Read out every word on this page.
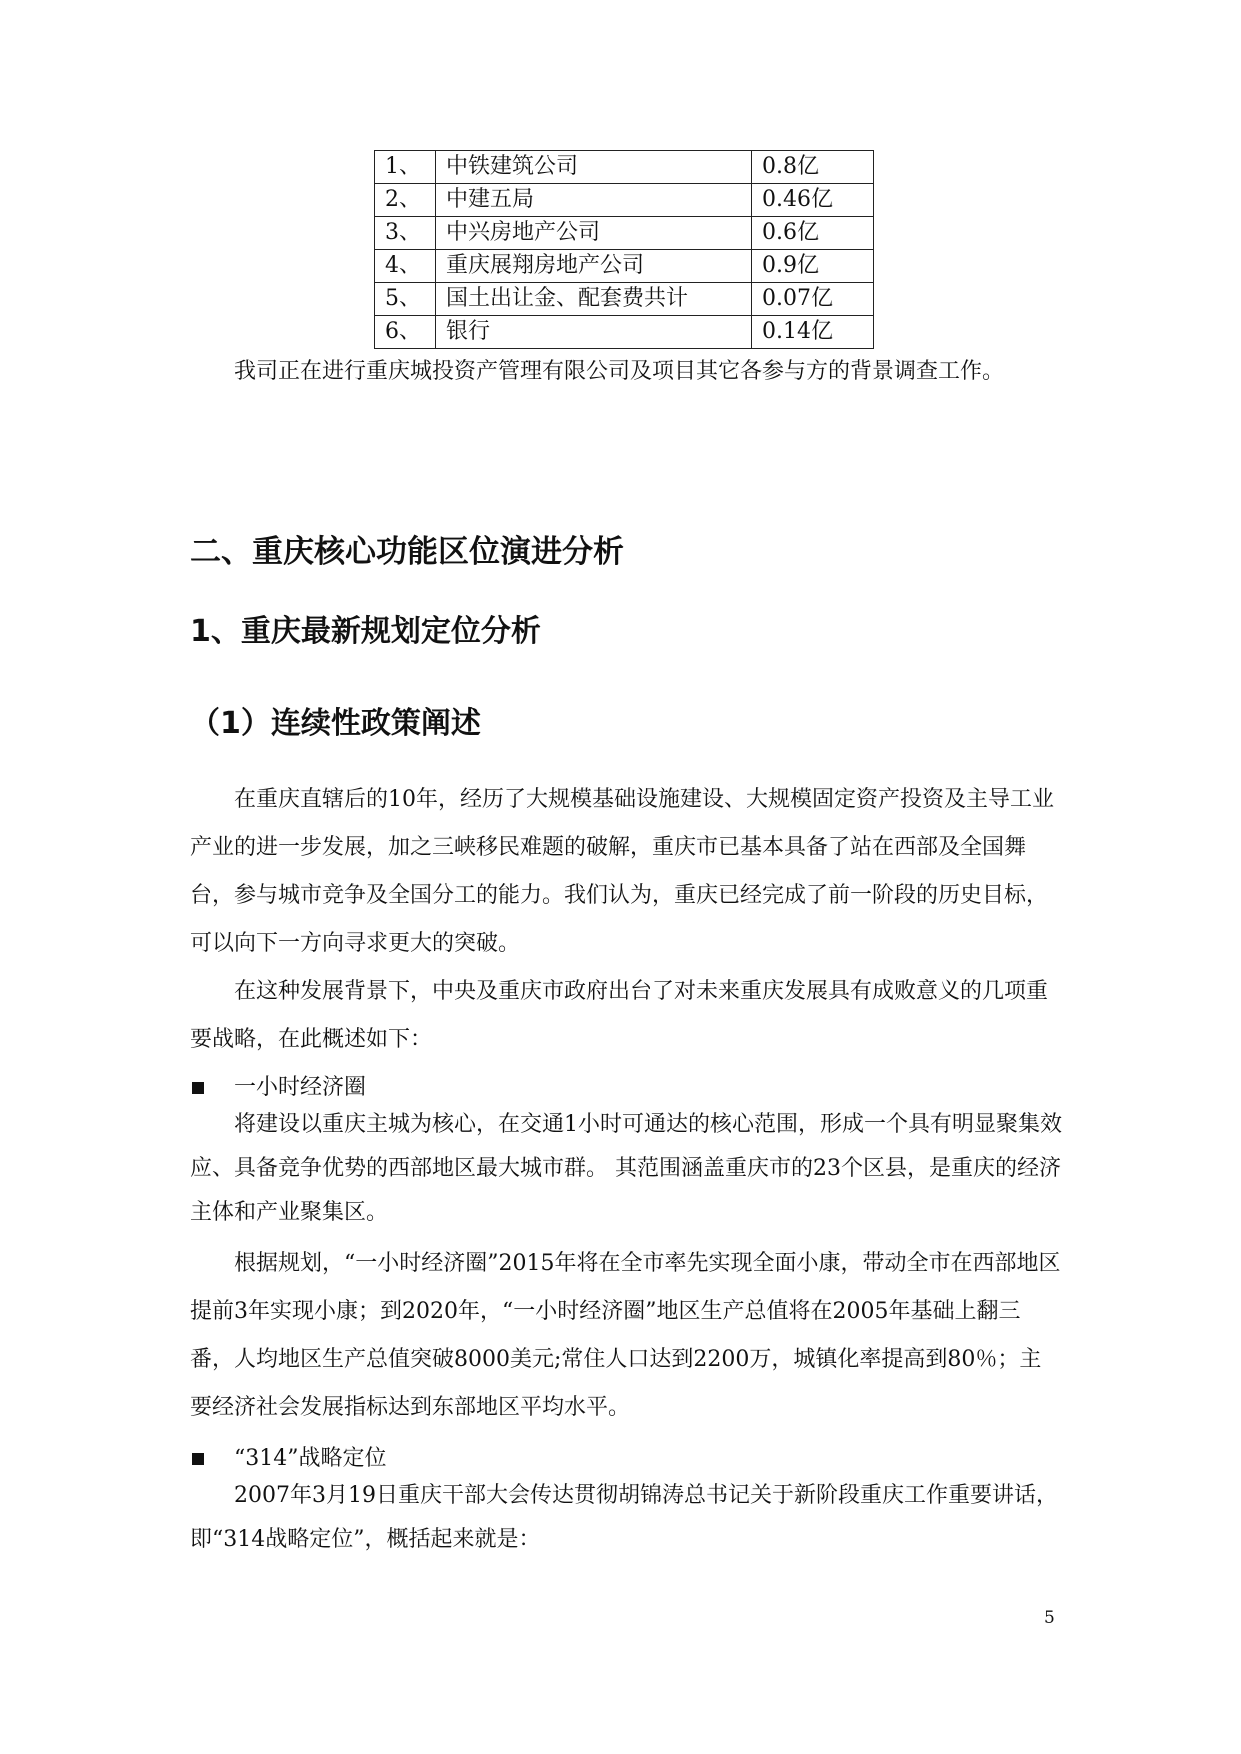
1、	中铁建筑公司	0.8亿
2、	中建五局	0.46亿
3、	中兴房地产公司	0.6亿
4、	重庆展翔房地产公司	0.9亿
5、	国土出让金、配套费共计	0.07亿
6、	银行	0.14亿

我司正在进行重庆城投资产管理有限公司及项目其它各参与方的背景调查工作。

二、重庆核心功能区位演进分析
1、重庆最新规划定位分析
（1）连续性政策阐述

在重庆直辖后的10年，经历了大规模基础设施建设、大规模固定资产投资及主导工业产业的进一步发展，加之三峡移民难题的破解，重庆市已基本具备了站在西部及全国舞台，参与城市竞争及全国分工的能力。我们认为，重庆已经完成了前一阶段的历史目标，可以向下一方向寻求更大的突破。

在这种发展背景下，中央及重庆市政府出台了对未来重庆发展具有成败意义的几项重要战略，在此概述如下：

一小时经济圈

将建设以重庆主城为核心，在交通1小时可通达的核心范围，形成一个具有明显聚集效应、具备竞争优势的西部地区最大城市群。 其范围涵盖重庆市的23个区县，是重庆的经济主体和产业聚集区。

根据规划，“一小时经济圈”2015年将在全市率先实现全面小康，带动全市在西部地区提前3年实现小康；到2020年，“一小时经济圈”地区生产总值将在2005年基础上翻三番，人均地区生产总值突破8000美元;常住人口达到2200万，城镇化率提高到80％；主要经济社会发展指标达到东部地区平均水平。

“314”战略定位

2007年3月19日重庆干部大会传达贯彻胡锦涛总书记关于新阶段重庆工作重要讲话，即“314战略定位”，概括起来就是：

5
